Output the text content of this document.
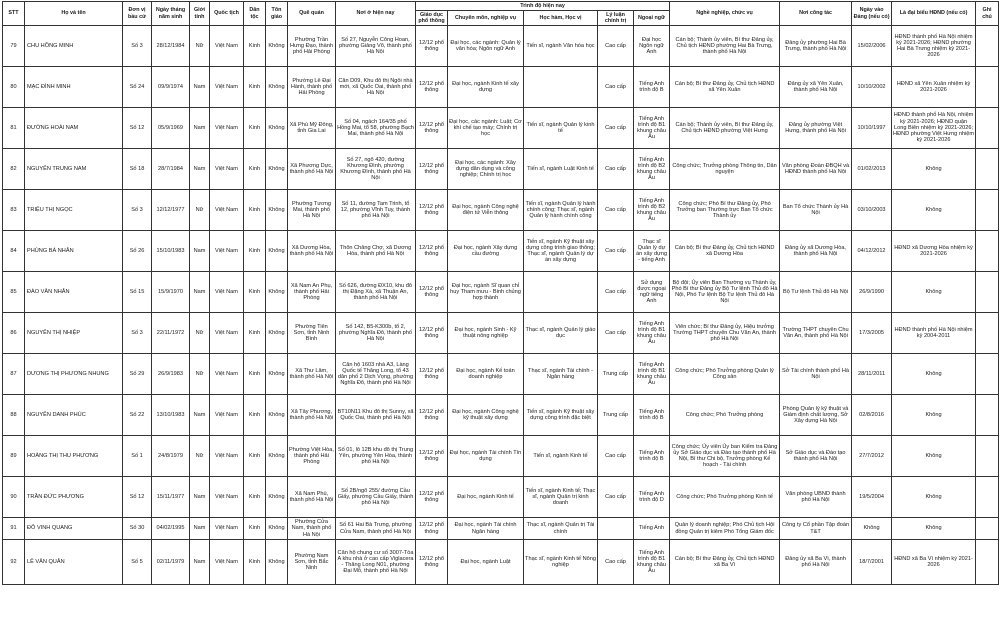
STT	Họ và tên	Đơn vị bầu cử	Ngày tháng năm sinh	Giới tính	Quốc tịch	Dân tộc	Tôn giáo	Quê quán	Nơi ở hiện nay	Trình độ hiện nay					Nghề nghiệp, chức vụ	Nơi công tác	Ngày vào Đảng (nếu có)	Là đại biểu HĐND (nếu có)	Ghi chú
										Giáo dục phổ thông	Chuyên môn, nghiệp vụ	Học hàm, Học vị	Lý luận chính trị	Ngoại ngữ					
79	CHU HỒNG MINH	Số 3	28/12/1984	Nữ	Việt Nam	Kinh	Không	Phường Trần Hưng Đạo, thành phố Hải Phòng	Số 27, Nguyễn Công Hoan, phường Giảng Võ, thành phố Hà Nội	12/12 phổ thông	Đại học, các ngành: Quản lý văn hóa; Ngôn ngữ Anh	Tiến sĩ, ngành Văn hóa học	Cao cấp	Đại học Ngôn ngữ Anh	Cán bộ; Thành ủy viên, Bí thư Đảng ủy, Chủ tịch HĐND phường Hai Bà Trưng, thành phố Hà Nội	Đảng ủy phường Hai Bà Trưng, thành phố Hà Nội	15/02/2006	HĐND thành phố Hà Nội nhiệm kỳ 2021-2026; HĐND phường Hai Bà Trưng nhiệm kỳ 2021-2026	
80	MẠC ĐÌNH MINH	Số 24	09/9/1974	Nam	Việt Nam	Kinh	Không	Phường Lê Đại Hành, thành phố Hải Phòng	Căn D09, Khu đô thị Ngôi nhà mới, xã Quốc Oai, thành phố Hà Nội	12/12 phổ thông	Đại học, ngành Kinh tế xây dựng		Cao cấp	Tiếng Anh trình độ B	Cán bộ; Bí thư Đảng ủy, Chủ tịch HĐND xã Yên Xuân	Đảng ủy xã Yên Xuân, thành phố Hà Nội	10/10/2002	HĐND xã Yên Xuân nhiệm kỳ 2021-2026	
81	ĐƯỜNG HOÀI NAM	Số 12	05/9/1969	Nam	Việt Nam	Kinh	Không	Xã Phú Mỹ Đông, tỉnh Gia Lai	Số 04, ngách 164/35 phố Hồng Mai, tổ 58, phường Bạch Mai, thành phố Hà Nội	12/12 phổ thông	Đại học, các ngành: Luật; Cơ khí chế tạo máy; Chính trị học	Tiến sĩ, ngành Quản lý kinh tế	Cao cấp	Tiếng Anh trình độ B1 khung châu Âu	Cán bộ; Thành ủy viên, Bí thư Đảng ủy, Chủ tịch HĐND phường Việt Hưng	Đảng ủy phường Việt Hưng, thành phố Hà Nội	10/10/1997	HĐND thành phố Hà Nội, nhiệm kỳ 2021-2026; HĐND quận Long Biên nhiệm kỳ 2021-2026; HĐND phường Việt Hưng nhiệm kỳ 2021-2026	
82	NGUYỄN TRUNG NAM	Số 18	28/7/1984	Nam	Việt Nam	Kinh	Không	Xã Phương Dực, thành phố Hà Nội	Số 27, ngõ 420, đường Khương Đình, phường Khương Đình, thành phố Hà Nội	12/12 phổ thông	Đại học, các ngành: Xây dựng dân dụng và công nghiệp; Chính trị học	Tiến sĩ, ngành Luật Kinh tế	Cao cấp	Tiếng Anh trình độ B2 khung châu Âu	Công chức; Trưởng phòng Thông tin, Dân nguyện	Văn phòng Đoàn ĐBQH và HĐND thành phố Hà Nội	01/02/2013	Không	
83	TRIỆU THỊ NGỌC	Số 3	12/12/1977	Nữ	Việt Nam	Kinh	Không	Phường Tương Mai, thành phố Hà Nội	Số 11, đường Tam Trinh, tổ 12, phường Vĩnh Tuy, thành phố Hà Nội	12/12 phổ thông	Đại học, ngành Công nghệ điện tử Viễn thông	Tiến sĩ, ngành Quản lý hành chính công; Thạc sĩ, ngành Quản lý hành chính công	Cao cấp	Tiếng Anh trình độ B2 khung châu Âu	Công chức; Phó Bí thư Đảng ủy, Phó Trưởng ban Thường trực Ban Tổ chức Thành ủy	Ban Tổ chức Thành ủy Hà Nội	03/10/2003	Không	
84	PHÙNG BÁ NHÂN	Số 26	15/10/1983	Nam	Việt Nam	Kinh	Không	Xã Dương Hòa, thành phố Hà Nội	Thôn Châng Chợ, xã Dương Hòa, thành phố Hà Nội	12/12 phổ thông	Đại học, ngành Xây dựng cầu đường	Tiến sĩ, ngành Kỹ thuật xây dựng công trình giao thông; Thạc sĩ, ngành Quản lý dự án xây dựng	Cao cấp	Thạc sĩ Quản lý dự án xây dựng - tiếng Anh	Cán bộ; Bí thư Đảng ủy, Chủ tịch HĐND xã Dương Hòa	Đảng ủy xã Dương Hòa, thành phố Hà Nội	04/12/2012	HĐND xã Dương Hòa nhiệm kỳ 2021-2026	
85	ĐÀO VĂN NHÂN	Số 15	15/9/1970	Nam	Việt Nam	Kinh	Không	Xã Nam An Phụ, thành phố Hải Phòng	Số 626, đường ĐX10, khu đô thị Đặng Xá, xã Thuận An, thành phố Hà Nội	12/12 phổ thông	Đại học, ngành Sĩ quan chỉ huy Tham mưu - Binh chủng hợp thành		Cao cấp	Sử dụng được ngoại ngữ tiếng Anh	Bộ đội; Ủy viên Ban Thường vụ Thành ủy, Phó Bí thư Đảng ủy Bộ Tư lệnh Thủ đô Hà Nội, Phó Tư lệnh Bộ Tư lệnh Thủ đô Hà Nội	Bộ Tư lệnh Thủ đô Hà Nội	26/9/1990	Không	
86	NGUYỄN THỊ NHIỆP	Số 3	22/11/1972	Nữ	Việt Nam	Kinh	Không	Phường Tiên Sơn, tỉnh Ninh Bình	Số 142, B5-K300b, tổ 2, phường Nghĩa Đô, thành phố Hà Nội	12/12 phổ thông	Đại học, ngành Sinh - Kỹ thuật nông nghiệp	Thạc sĩ, ngành Quản lý giáo dục	Cao cấp	Tiếng Anh trình độ B1 khung châu Âu	Viên chức; Bí thư Đảng ủy, Hiệu trưởng Trường THPT chuyên Chu Văn An, thành phố Hà Nội	Trường THPT chuyên Chu Văn An, thành phố Hà Nội	17/3/2005	HĐND thành phố Hà Nội nhiệm kỳ 2004-2011	
87	DƯƠNG THỊ PHƯƠNG NHUNG	Số 29	26/9/1983	Nữ	Việt Nam	Kinh	Không	Xã Thư Lâm, thành phố Hà Nội	Căn hộ 1603 nhà A3, Làng Quốc tế Thăng Long, tổ 43 dân phố 2 Dịch Vọng, phường Nghĩa Đô, thành phố Hà Nội	12/12 phổ thông	Đại học, ngành Kế toán doanh nghiệp	Thạc sĩ, ngành Tài chính - Ngân hàng	Trung cấp	Tiếng Anh trình độ B1 khung châu Âu	Công chức; Phó Trưởng phòng Quản lý Công sản	Sở Tài chính thành phố Hà Nội	28/11/2011	Không	
88	NGUYỄN DANH PHÚC	Số 22	13/10/1983	Nam	Việt Nam	Kinh	Không	Xã Tây Phương, thành phố Hà Nội	BT10N11 Khu đô thị Sunny, xã Quốc Oai, thành phố Hà Nội	12/12 phổ thông	Đại học, ngành Công nghệ kỹ thuật xây dựng	Tiến sĩ, ngành Kỹ thuật xây dựng công trình đặc biệt	Trung cấp	Tiếng Anh trình độ B	Công chức; Phó Trưởng phòng	Phòng Quản lý kỹ thuật và Giám định chất lượng, Sở Xây dựng Hà Nội	02/8/2016	Không	
89	HOÀNG THỊ THU PHƯƠNG	Số 1	24/8/1979	Nữ	Việt Nam	Kinh	Không	Phường Việt Hòa, thành phố Hải Phòng	Số 01, lô 12B khu đô thị Trung Yên, phường Yên Hòa, thành phố Hà Nội	12/12 phổ thông	Đại học, ngành Tài chính Tín dụng	Tiến sĩ, ngành Kinh tế	Cao cấp	Tiếng Anh trình độ B	Công chức; Ủy viên Ủy ban Kiểm tra Đảng ủy Sở Giáo dục và Đào tạo thành phố Hà Nội, Bí thư Chi bộ, Trưởng phòng Kế hoạch - Tài chính	Sở Giáo dục và Đào tạo thành phố Hà Nội	27/7/2012	Không	
90	TRẦN ĐỨC PHƯƠNG	Số 12	15/11/1977	Nam	Việt Nam	Kinh	Không	Xã Nam Phù, thành phố Hà Nội	Số 2B/ngõ 255/ đường Cầu Giấy, phường Cầu Giấy, thành phố Hà Nội	12/12 phổ thông	Đại học, ngành Kinh tế	Tiến sĩ, ngành Kinh tế; Thạc sĩ, ngành Quản trị kinh doanh	Cao cấp	Tiếng Anh trình độ D	Công chức; Phó Trưởng phòng Kinh tế	Văn phòng UBND thành phố Hà Nội	19/5/2004	Không	
91	ĐỖ VINH QUANG	Số 30	04/02/1995	Nam	Việt Nam	Kinh	Không	Phường Cửa Nam, thành phố Hà Nội	Số 61 Hai Bà Trưng, phường Cửa Nam, thành phố Hà Nội	12/12 phổ thông	Đại học, ngành Tài chính Ngân hàng	Thạc sĩ, ngành Quản trị Tài chính		Tiếng Anh	Quản lý doanh nghiệp; Phó Chủ tịch Hội đồng Quản trị kiêm Phó Tổng Giám đốc	Công ty Cổ phần Tập đoàn T&T	Không	Không	
92	LÊ VĂN QUÂN	Số 5	02/11/1979	Nam	Việt Nam	Kinh	Không	Phường Nam Sơn, tỉnh Bắc Ninh	Căn hộ chung cư số 3007-Tòa A khu nhà ở cao cấp Viglacera - Thăng Long N01, phường Đại Mỗ, thành phố Hà Nội	12/12 phổ thông	Đại học, ngành Luật	Thạc sĩ, ngành Kinh tế Nông nghiệp	Cao cấp	Tiếng Anh trình độ B1 khung châu Âu	Cán bộ; Bí thư Đảng ủy, Chủ tịch HĐND xã Ba Vì	Đảng ủy xã Ba Vì, thành phố Hà Nội	18/7/2001	HĐND xã Ba Vì nhiệm kỳ 2021-2026	
